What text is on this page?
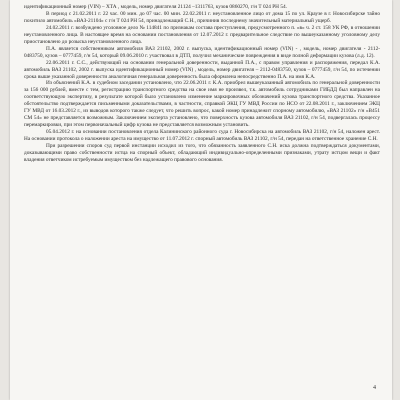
идентификационный номер (VIN) – ХТА , модель, номер двигателя 21124 –1311763, кузов 0860270, г/н Т 024 РН 54.

В период с 21.02.2011 г. 22 час. 00 мин. до 07 час. 00 мин. 22.02.2011 г. неустановленное лицо от дома 15 по ул. Краузе в г. Новосибирске тайно похитило автомобиль «ВАЗ-21104» с г/н Т 024 РН 54, принадлежащий С.Н., причинив последнему значительный материальный ущерб.

24.02.2011 г. возбуждено уголовное дело № 114841 по признакам состава преступления, предусмотренного п. «в» ч. 2 ст. 158 УК РФ, в отношении неустановленного лица. В настоящее время на основании постановления от 12.07.2012 г. предварительное следствие по вышеуказанному уголовному делу приостановлено до розыска неустановленного лица.

П.А. является собственником автомобиля ВАЗ 21102, 2002 г. выпуска, идентификационный номер (VIN) - , модель, номер двигателя - 2112-0483750, кузов – 0777459, г/н 54, который 09.06.2010 г. участвовал в ДТП, получил механические повреждения в виде полной деформации кузова (л.д. 12).

22.06.2011 г. С.С., действующий на основании генеральной доверенности, выданной П.А., с правом управления и распоряжения, передал К.А. автомобиль ВАЗ 21102, 2002 г. выпуска идентификационный номер (VIN) , модель, номер двигателя – 2112-0483750, кузов – 0777459, г/н 54, по истечении срока выше указанной доверенности аналогичная генеральная доверенность была оформлена непосредственно П.А. на имя К.А.

Из объяснений К.А. в судебном заседании установлено, что 22.06.2011 г. К.А. приобрел вышеуказанный автомобиль по генеральной доверенности за 156 000 рублей, вместе с тем, регистрацию транспортного средства на свое имя не произвел, т.к. автомобиль сотрудниками ГИБДД был направлен на соответствующую экспертизу, в результате которой было установлено изменение маркировочных обозначений кузова транспортного средства. Указанное обстоятельство подтверждается письменными доказательствами, в частности, справкой ЭКЦ ГУ МВД России по НСО от 22.08.2011 г., заключением ЭКЦ ГУ МВД от 16.03.2012 г., из выводов которого также следует, что решить вопрос, какой номер принадлежит спорному автомобилю, «ВАЗ 21102» г/н «В451 СМ 54» не представляется возможным. Заключением эксперта установлено, что поверхность кузова автомобиля ВАЗ 21102, г/н 54, подвергалась процессу перемаркировки, при этом первоначальный цифр кузова не представляется возможным установить.

05.04.2012 г. на основании постановления отдела Калининского районного суда г. Новосибирска на автомобиль ВАЗ 21102, г/н 54, наложен арест. На основании протокола о наложении ареста на имущество от 11.07.2012 г. спорный автомобиль ВАЗ 21102, г/н 54, передан на ответственное хранение С.Н.

При разрешении споров суд первой инстанции исходил из того, что обязанность заявленного С.Н. иска должна подтверждаться документами, доказывающими право собственности истца на спорный объект, обладающий индивидуально-определенными признаками, утрату истцом вещи и факт владения ответчиком истребуемым имуществом без надлежащего правового основания.

4
